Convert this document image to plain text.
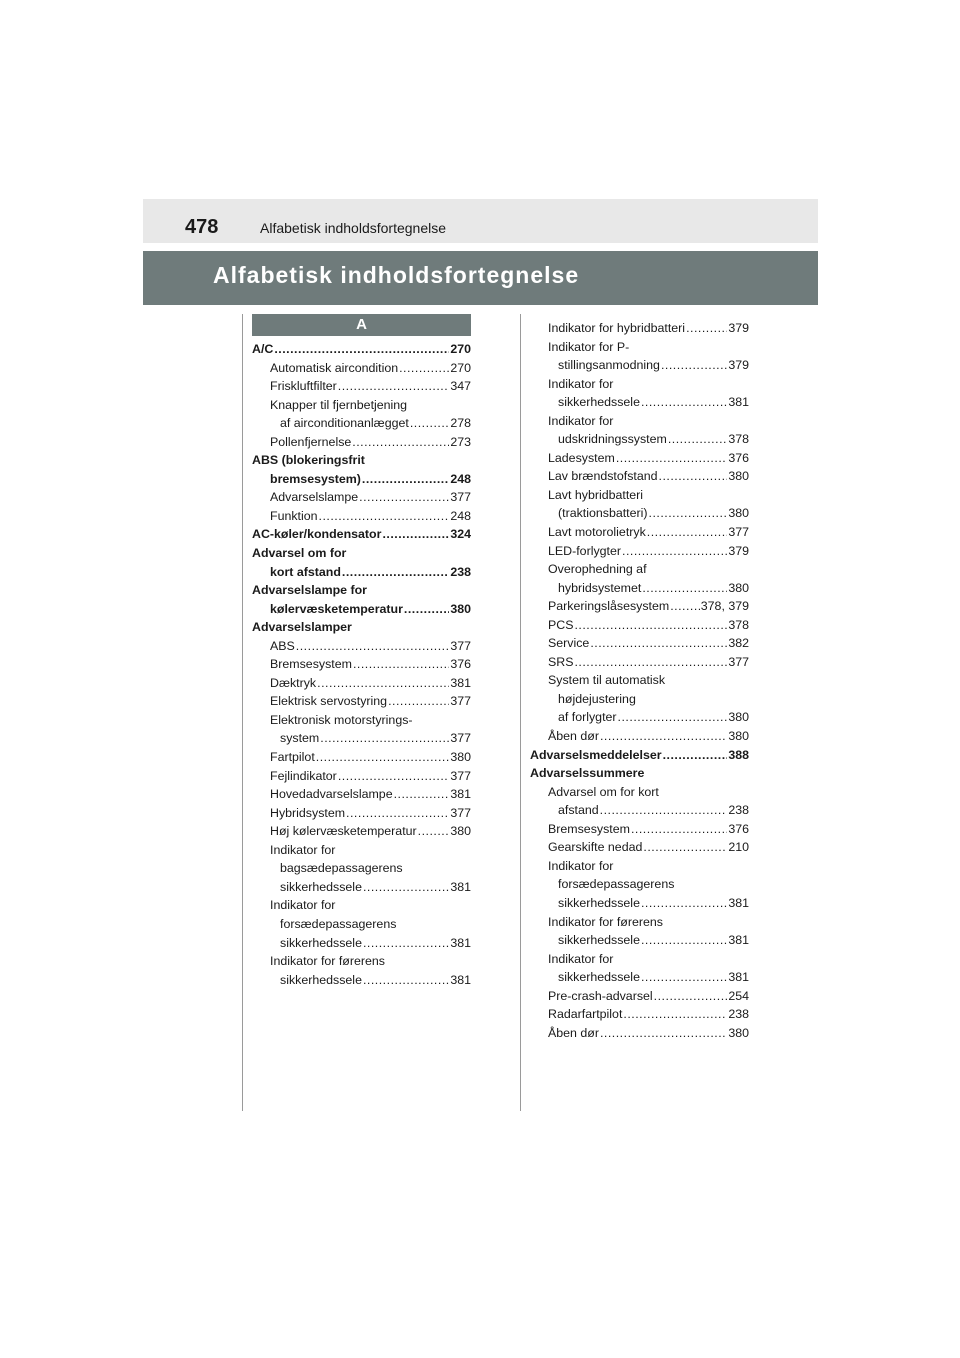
478	Alfabetisk indholdsfortegnelse
Alfabetisk indholdsfortegnelse
A
A/C .....	270
Automatisk aircondition .....	270
Friskluftfilter .....	347
Knapper til fjernbetjening
af airconditionanlægget .....	278
Pollenfjernelse .....	273
ABS (blokeringsfrit
bremsesystem) .....	248
Advarselslampe .....	377
Funktion .....	248
AC-køler/kondensator .....	324
Advarsel om for
kort afstand .....	238
Advarselslampe for
kølervæsketemperatur .....	380
Advarselslamper
ABS .....	377
Bremsesystem .....	376
Dæktryk .....	381
Elektrisk servostyring .....	377
Elektronisk motorstyrings-
system .....	377
Fartpilot .....	380
Fejlindikator .....	377
Hovedadvarselslampe .....	381
Hybridsystem .....	377
Høj kølervæsketemperatur .....	380
Indikator for
bagsædepassagerens
sikkerhedssele .....	381
Indikator for
forsædepassagerens
sikkerhedssele .....	381
Indikator for førerens
sikkerhedssele .....	381
Indikator for hybridbatteri .....	379
Indikator for P-
stillingsanmodning .....	379
Indikator for
sikkerhedssele .....	381
Indikator for
udskridningssystem .....	378
Ladesystem .....	376
Lav brændstofstand .....	380
Lavt hybridbatteri
(traktionsbatteri) .....	380
Lavt motorolietryk .....	377
LED-forlygter .....	379
Overophedning af
hybridsystemet .....	380
Parkeringslåsesystem .....	378, 379
PCS .....	378
Service .....	382
SRS .....	377
System til automatisk
højdejustering
af forlygter .....	380
Åben dør .....	380
Advarselsmeddelelser .....	388
Advarselssummere
Advarsel om for kort
afstand .....	238
Bremsesystem .....	376
Gearskifte nedad .....	210
Indikator for
forsædepassagerens
sikkerhedssele .....	381
Indikator for førerens
sikkerhedssele .....	381
Indikator for
sikkerhedssele .....	381
Pre-crash-advarsel .....	254
Radarfartpilot .....	238
Åben dør .....	380
